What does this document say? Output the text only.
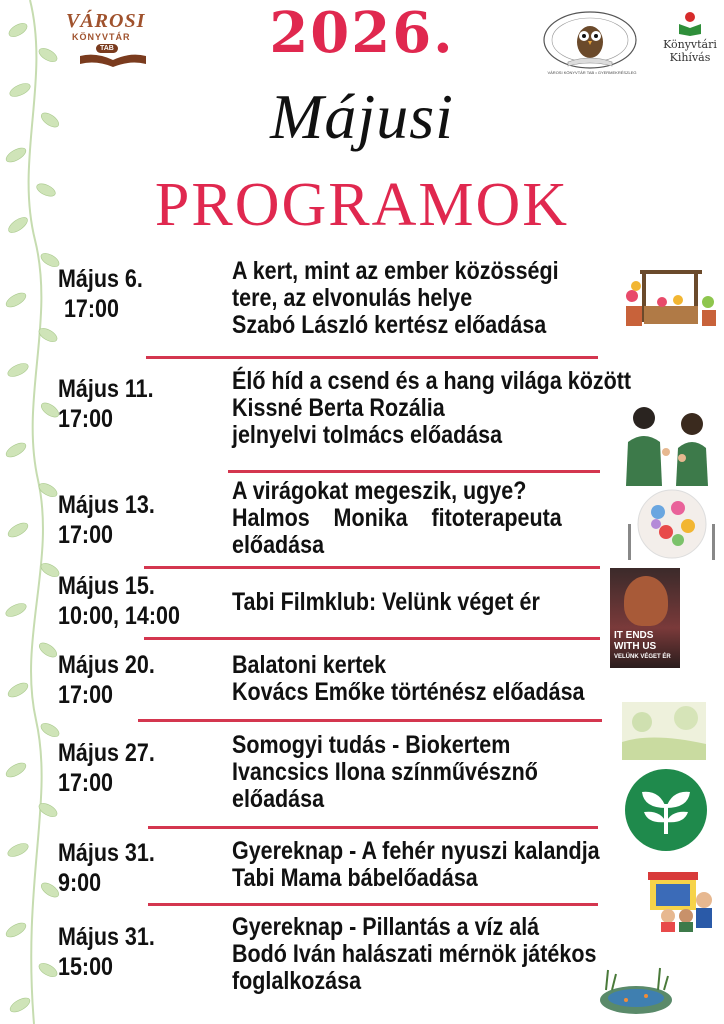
VÁROSI
KÖNYVTÁR
TAB
VÁROSI KÖNYVTÁR TAB • GYERMEKRÉSZLEG
Könyvtári Kihívás
2026.
Májusi
PROGRAMOK
Május 6.
17:00
A kert, mint az ember közösségi
tere, az elvonulás helye
Szabó László kertész előadása
Május 11.
17:00
Élő híd a csend és a hang világa között
Kissné Berta Rozália
jelnyelvi tolmács előadása
Május 13.
17:00
A virágokat megeszik, ugye?
Halmos    Monika    fitoterapeuta
előadása
Május 15.
10:00, 14:00 Tabi Filmklub: Velünk véget ér
IT ENDS
WITH US
VELÜNK VÉGET ÉR
Május 20.
17:00
Balatoni kertek
Kovács Emőke történész előadása
Május 27.
17:00
Somogyi tudás - Biokertem
Ivancsics Ilona színművésznő
előadása
Május 31.
9:00
Gyereknap - A fehér nyuszi kalandja
Tabi Mama bábelőadása
Május 31.
15:00
Gyereknap - Pillantás a víz alá
Bodó Iván halászati mérnök játékos
foglalkozása
